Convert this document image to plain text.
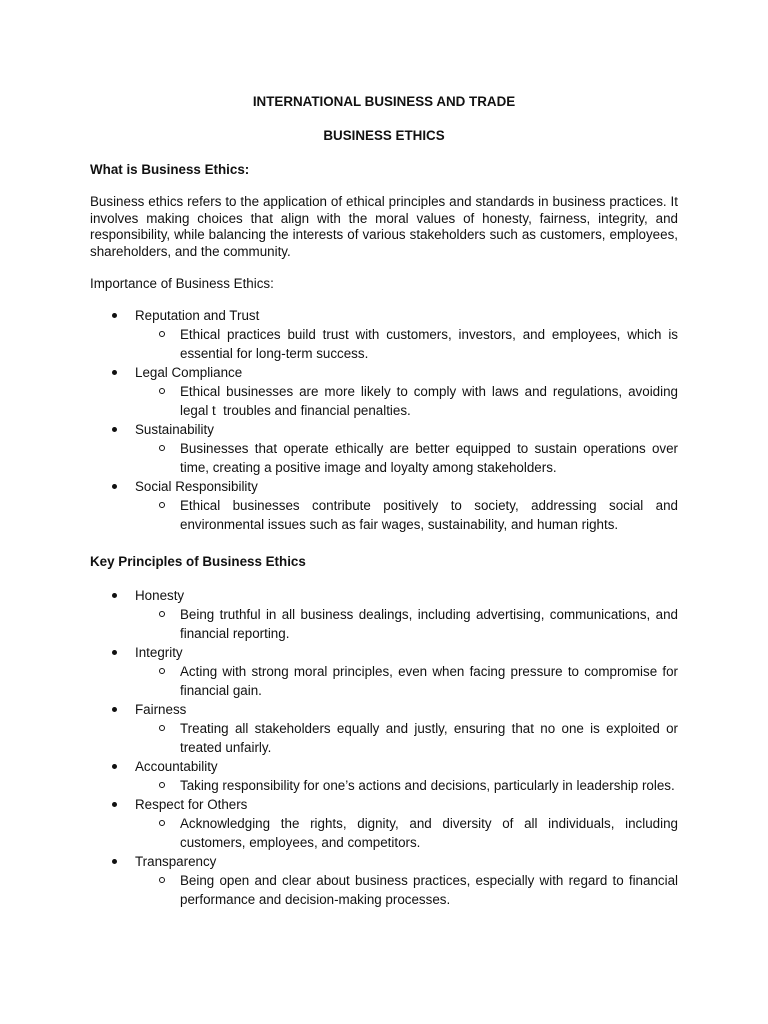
INTERNATIONAL BUSINESS AND TRADE
BUSINESS ETHICS
What is Business Ethics:

Business ethics refers to the application of ethical principles and standards in business practices. It involves making choices that align with the moral values of honesty, fairness, integrity, and responsibility, while balancing the interests of various stakeholders such as customers, employees, shareholders, and the community.

Importance of Business Ethics:

Reputation and Trust
Ethical practices build trust with customers, investors, and employees, which is essential for long-term success.
Legal Compliance
Ethical businesses are more likely to comply with laws and regulations, avoiding legal t  troubles and financial penalties.
Sustainability
Businesses that operate ethically are better equipped to sustain operations over time, creating a positive image and loyalty among stakeholders.
Social Responsibility
Ethical businesses contribute positively to society, addressing social and environmental issues such as fair wages, sustainability, and human rights.
Key Principles of Business Ethics
Honesty
Being truthful in all business dealings, including advertising, communications, and financial reporting.
Integrity
Acting with strong moral principles, even when facing pressure to compromise for financial gain.
Fairness
Treating all stakeholders equally and justly, ensuring that no one is exploited or treated unfairly.
Accountability
Taking responsibility for one’s actions and decisions, particularly in leadership roles.
Respect for Others
Acknowledging the rights, dignity, and diversity of all individuals, including customers, employees, and competitors.
Transparency
Being open and clear about business practices, especially with regard to financial performance and decision-making processes.
